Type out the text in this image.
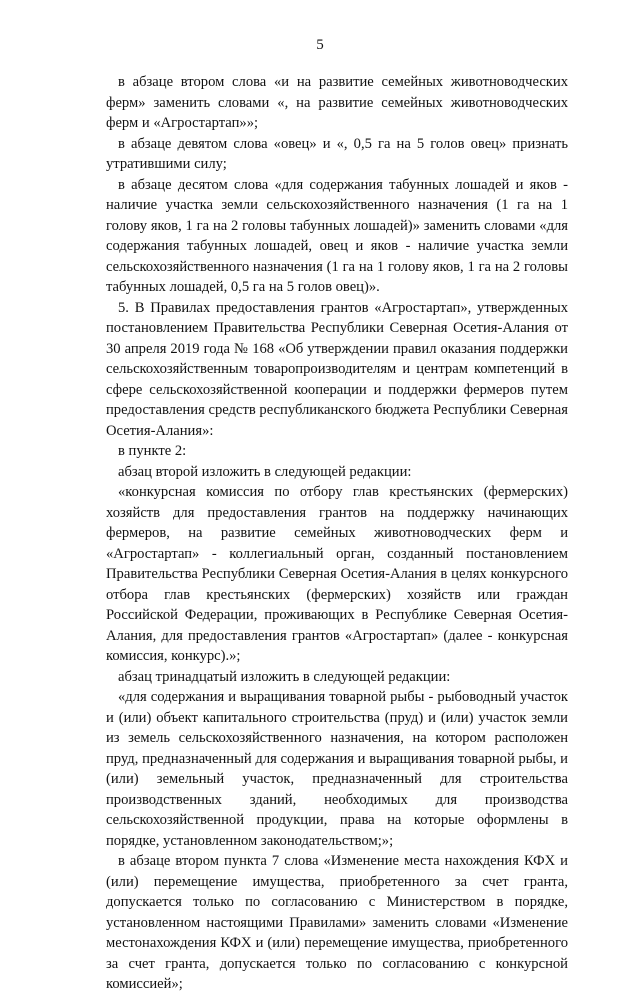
5

в абзаце втором слова «и на развитие семейных животноводческих ферм» заменить словами «, на развитие семейных животноводческих ферм и «Агростартап»»;

в абзаце девятом слова «овец» и «, 0,5 га на 5 голов овец» признать утратившими силу;

в абзаце десятом слова «для содержания табунных лошадей и яков - наличие участка земли сельскохозяйственного назначения (1 га на 1 голову яков, 1 га на 2 головы табунных лошадей)» заменить словами «для содержания табунных лошадей, овец и яков - наличие участка земли сельскохозяйственного назначения (1 га на 1 голову яков, 1 га на 2 головы табунных лошадей, 0,5 га на 5 голов овец)».

5. В Правилах предоставления грантов «Агростартап», утвержденных постановлением Правительства Республики Северная Осетия-Алания от 30 апреля 2019 года № 168 «Об утверждении правил оказания поддержки сельскохозяйственным товаропроизводителям и центрам компетенций в сфере сельскохозяйственной кооперации и поддержки фермеров путем предоставления средств республиканского бюджета Республики Северная Осетия-Алания»:

в пункте 2:

абзац второй изложить в следующей редакции:

«конкурсная комиссия по отбору глав крестьянских (фермерских) хозяйств для предоставления грантов на поддержку начинающих фермеров, на развитие семейных животноводческих ферм и «Агростартап» - коллегиальный орган, созданный постановлением Правительства Республики Северная Осетия-Алания в целях конкурсного отбора глав крестьянских (фермерских) хозяйств или граждан Российской Федерации, проживающих в Республике Северная Осетия-Алания, для предоставления грантов «Агростартап» (далее - конкурсная комиссия, конкурс).»;

абзац тринадцатый изложить в следующей редакции:

«для содержания и выращивания товарной рыбы - рыбоводный участок и (или) объект капитального строительства (пруд) и (или) участок земли из земель сельскохозяйственного назначения, на котором расположен пруд, предназначенный для содержания и выращивания товарной рыбы, и (или) земельный участок, предназначенный для строительства производственных зданий, необходимых для производства сельскохозяйственной продукции, права на которые оформлены в порядке, установленном законодательством;»;

в абзаце втором пункта 7 слова «Изменение места нахождения КФХ и (или) перемещение имущества, приобретенного за счет гранта, допускается только по согласованию с Министерством в порядке, установленном настоящими Правилами» заменить словами «Изменение местонахождения КФХ и (или) перемещение имущества, приобретенного за счет гранта, допускается только по согласованию с конкурсной комиссией»;
